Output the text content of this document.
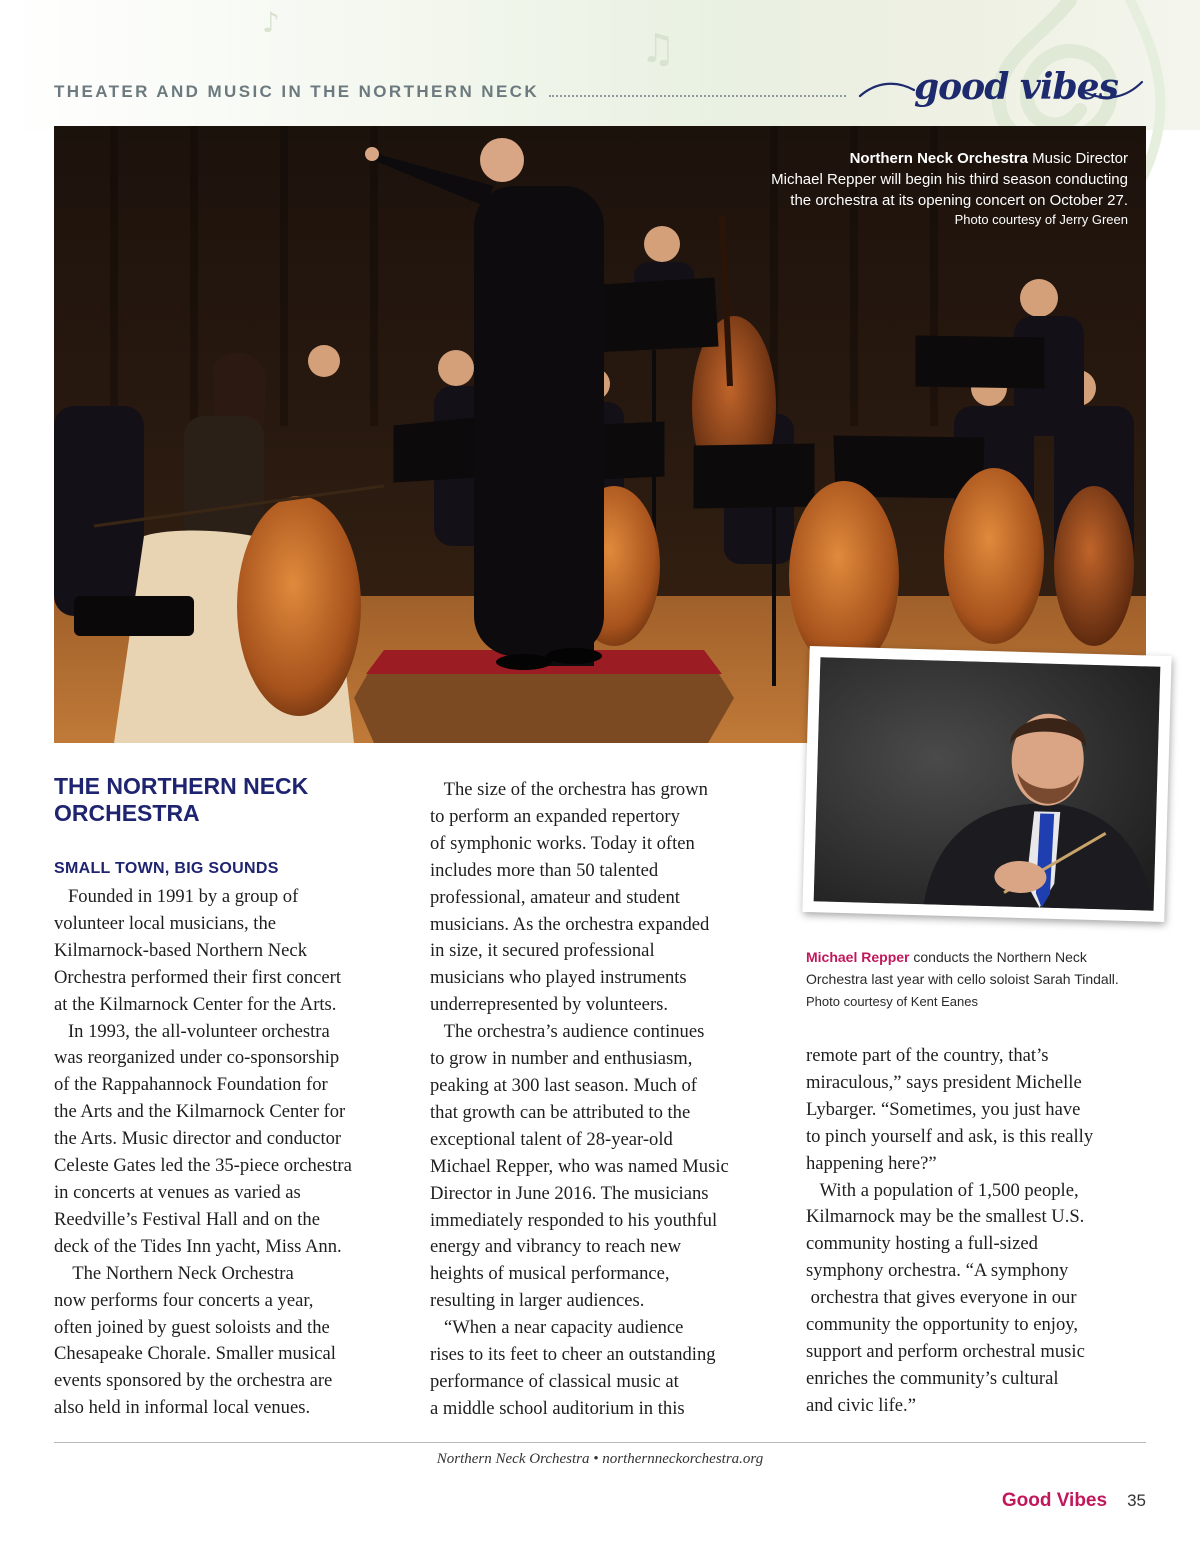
♫
♪
THEATER AND MUSIC IN THE NORTHERN NECK	good vibes
Northern Neck Orchestra Music Director
Michael Repper will begin his third season conducting
the orchestra at its opening concert on October 27.
Photo courtesy of Jerry Green
Michael Repper conducts the Northern Neck
Orchestra last year with cello soloist Sarah Tindall.
Photo courtesy of Kent Eanes
THE NORTHERN NECK
ORCHESTRA
SMALL TOWN, BIG SOUNDS
Founded in 1991 by a group of
volunteer local musicians, the
Kilmarnock-based Northern Neck
Orchestra performed their first concert
at the Kilmarnock Center for the Arts.
In 1993, the all-volunteer orchestra
was reorganized under co-sponsorship
of the Rappahannock Foundation for
the Arts and the Kilmarnock Center for
the Arts. Music director and conductor
Celeste Gates led the 35-piece orchestra
in concerts at venues as varied as
Reedville’s Festival Hall and on the
deck of the Tides Inn yacht, Miss Ann.
The Northern Neck Orchestra
now performs four concerts a year,
often joined by guest soloists and the
Chesapeake Chorale. Smaller musical
events sponsored by the orchestra are
also held in informal local venues.
The size of the orchestra has grown
to perform an expanded repertory
of symphonic works. Today it often
includes more than 50 talented
professional, amateur and student
musicians. As the orchestra expanded
in size, it secured professional
musicians who played instruments
underrepresented by volunteers.
The orchestra’s audience continues
to grow in number and enthusiasm,
peaking at 300 last season. Much of
that growth can be attributed to the
exceptional talent of 28-year-old
Michael Repper, who was named Music
Director in June 2016. The musicians
immediately responded to his youthful
energy and vibrancy to reach new
heights of musical performance,
resulting in larger audiences.
“When a near capacity audience
rises to its feet to cheer an outstanding
performance of classical music at
a middle school auditorium in this
remote part of the country, that’s
miraculous,” says president Michelle
Lybarger. “Sometimes, you just have
to pinch yourself and ask, is this really
happening here?”
With a population of 1,500 people,
Kilmarnock may be the smallest U.S.
community hosting a full-sized
symphony orchestra. “A symphony
orchestra that gives everyone in our
community the opportunity to enjoy,
support and perform orchestral music
enriches the community’s cultural
and civic life.”
Northern Neck Orchestra • northernneckorchestra.org
Good Vibes 35
